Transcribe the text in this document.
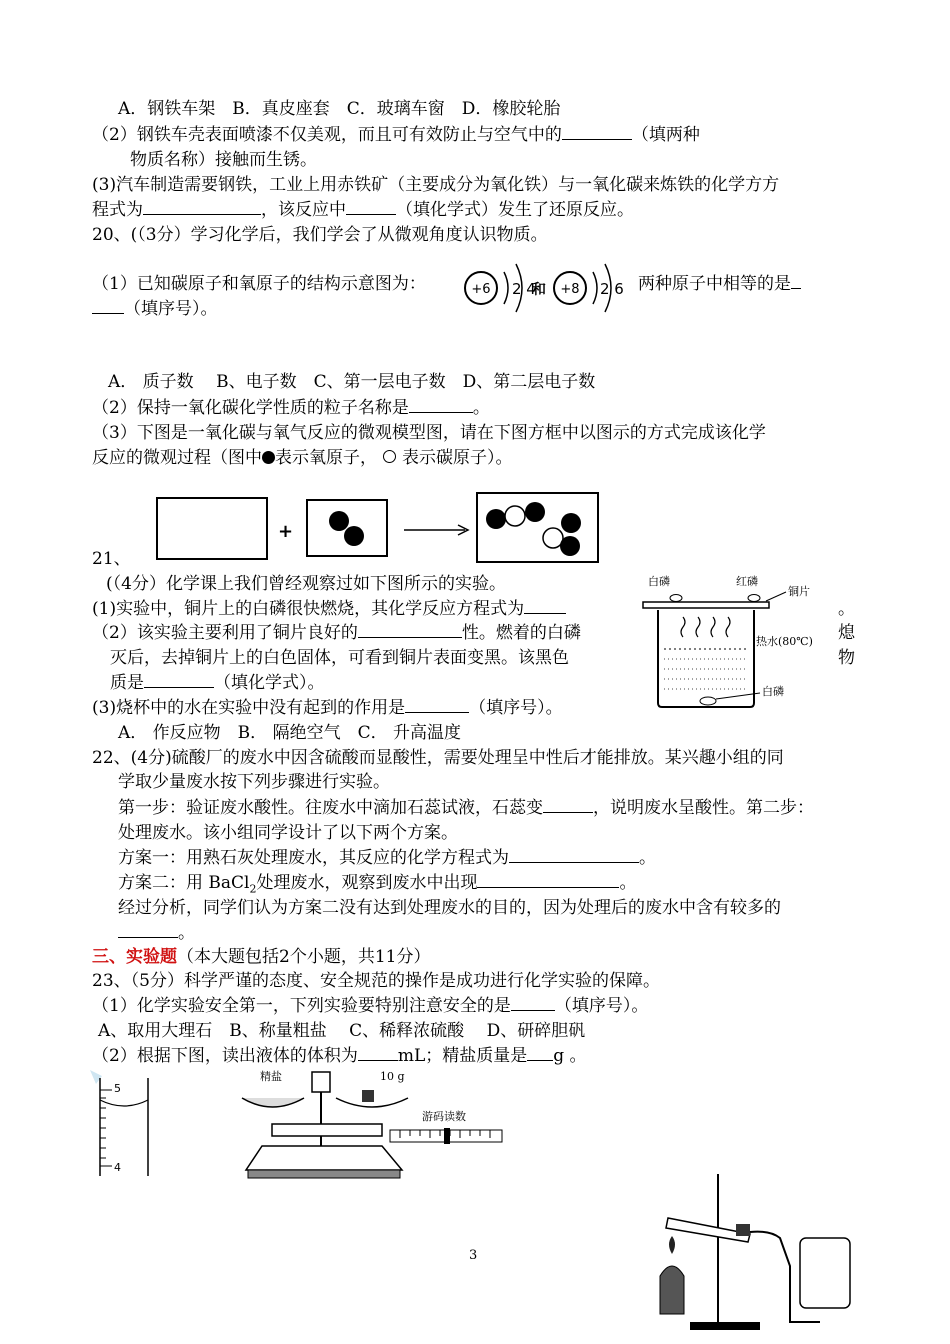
A．钢铁车架　B．真皮座套　C．玻璃车窗　D．橡胶轮胎
（2）钢铁车壳表面喷漆不仅美观，而且可有效防止与空气中的	（填两种
物质名称）接触而生锈。
(3)汽车制造需要钢铁，工业上用赤铁矿（主要成分为氧化铁）与一氧化碳来炼铁的化学方方
程式为	，该反应中	（填化学式）发生了还原反应。
20、(（3分）学习化学后，我们学会了从微观角度认识物质。
（1）已知碳原子和氧原子的结构示意图为：	两种原子中相等的是
+6 2 4
和 +8 2 6
（填序号）。
A． 质子数　 B、电子数　C、第一层电子数　D、第二层电子数
（2）保持一氧化碳化学性质的粒子名称是	。
（3）下图是一氧化碳与氧气反应的微观模型图，请在下图方框中以图示的方式完成该化学
反应的微观过程（图中 表示氧原子， 表示碳原子）。
+
21、
(（4分）化学课上我们曾经观察过如下图所示的实验。
(1)实验中，铜片上的白磷很快燃烧，其化学反应方程式为	。
（2）该实验主要利用了铜片良好的	性。燃着的白磷	熄
灭后，去掉铜片上的白色固体，可看到铜片表面变黑。该黑色	物
质是	（填化学式）。
(3)烧杯中的水在实验中没有起到的作用是	（填序号）。
A． 作反应物　B． 隔绝空气　C． 升高温度
白磷	红磷
铜片
热水(80℃)
白磷
22、(4分)硫酸厂的废水中因含硫酸而显酸性，需要处理呈中性后才能排放。某兴趣小组的同
学取少量废水按下列步骤进行实验。
第一步：验证废水酸性。往废水中滴加石蕊试液，石蕊变	，说明废水呈酸性。第二步：
处理废水。该小组同学设计了以下两个方案。
方案一：用熟石灰处理废水，其反应的化学方程式为	。
方案二：用 BaCl$_2$处理废水，观察到废水中出现	。
经过分析，同学们认为方案二没有达到处理废水的目的，因为处理后的废水中含有较多的
。
三、实验题（本大题包括2个小题，共11分）
23、（5分）科学严谨的态度、安全规范的操作是成功进行化学实验的保障。
（1）化学实验安全第一，下列实验要特别注意安全的是	（填序号）。
A、取用大理石　B、称量粗盐　 C、稀释浓硫酸　 D、研碎胆矾
（2）根据下图，读出液体的体积为 mL；精盐质量是 g 。
5
4
精盐	10 g
游码读数
3
